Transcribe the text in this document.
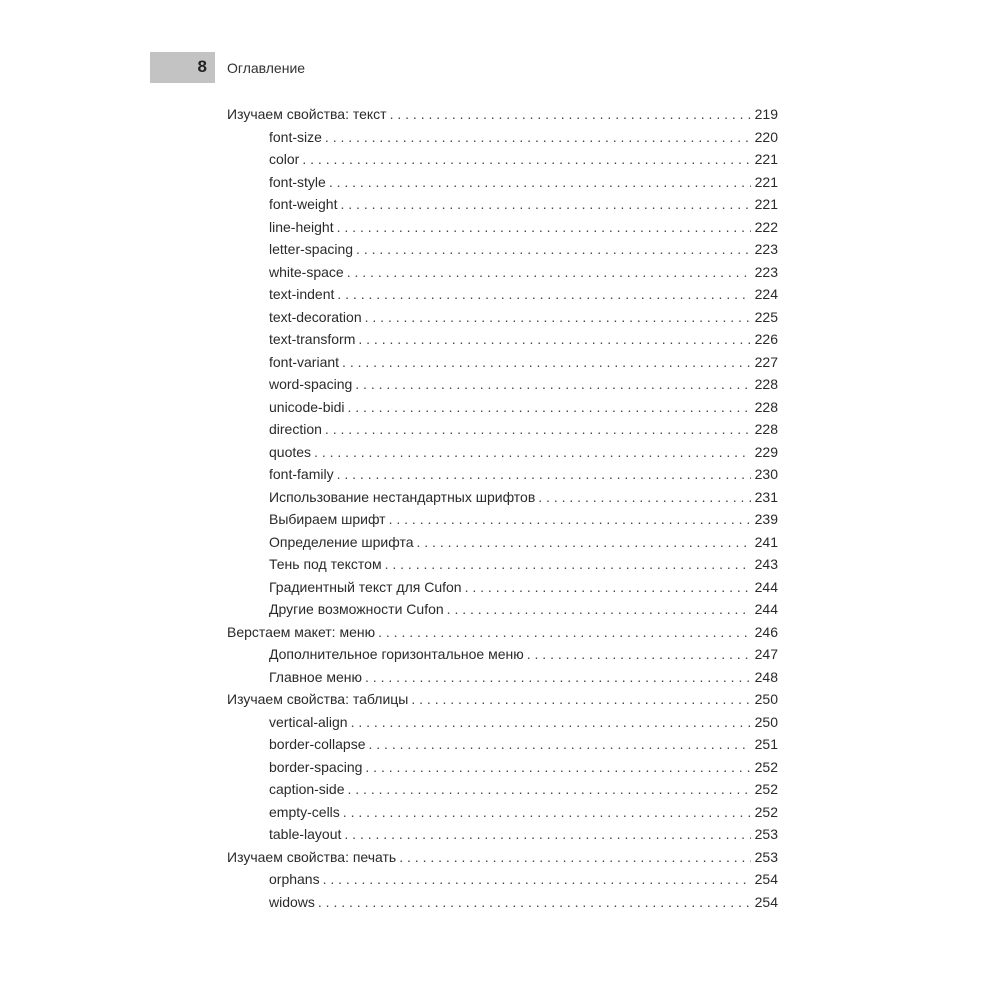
8 Оглавление
Изучаем свойства: текст . . .	219
font-size . . .	220
color . . .	221
font-style . . .	221
font-weight . . .	221
line-height . . .	222
letter-spacing . . .	223
white-space . . .	223
text-indent . . .	224
text-decoration . . .	225
text-transform . . .	226
font-variant . . .	227
word-spacing . . .	228
unicode-bidi . . .	228
direction . . .	228
quotes . . .	229
font-family . . .	230
Использование нестандартных шрифтов . . .	231
Выбираем шрифт . . .	239
Определение шрифта . . .	241
Тень под текстом . . .	243
Градиентный текст для Cufon . . .	244
Другие возможности Cufon . . .	244
Верстаем макет: меню . . .	246
Дополнительное горизонтальное меню . . .	247
Главное меню . . .	248
Изучаем свойства: таблицы . . .	250
vertical-align . . .	250
border-collapse . . .	251
border-spacing . . .	252
caption-side . . .	252
empty-cells . . .	252
table-layout . . .	253
Изучаем свойства: печать . . .	253
orphans . . .	254
widows . . .	254
